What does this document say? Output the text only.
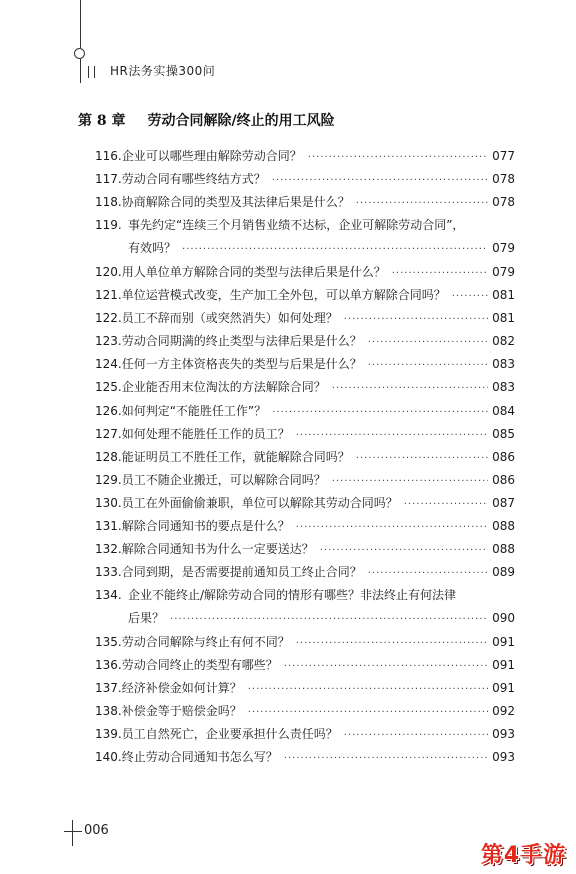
HR法务实操300问
第 8 章 劳动合同解除/终止的用工风险
116. 企业可以哪些理由解除劳动合同？ ·····	077
117. 劳动合同有哪些终结方式？ ·····	078
118. 协商解除合同的类型及其法律后果是什么？ ·····	078
119. 事先约定“连续三个月销售业绩不达标，企业可解除劳动合同”，
有效吗？ ·····	079
120. 用人单位单方解除合同的类型与法律后果是什么？ ·····	079
121. 单位运营模式改变，生产加工全外包，可以单方解除合同吗？ ·····	081
122. 员工不辞而别（或突然消失）如何处理？ ·····	081
123. 劳动合同期满的终止类型与法律后果是什么？ ·····	082
124. 任何一方主体资格丧失的类型与后果是什么？ ·····	083
125. 企业能否用末位淘汰的方法解除合同？ ·····	083
126. 如何判定“不能胜任工作”？ ·····	084
127. 如何处理不能胜任工作的员工？ ·····	085
128. 能证明员工不胜任工作，就能解除合同吗？ ·····	086
129. 员工不随企业搬迁，可以解除合同吗？ ·····	086
130. 员工在外面偷偷兼职，单位可以解除其劳动合同吗？ ·····	087
131. 解除合同通知书的要点是什么？ ·····	088
132. 解除合同通知书为什么一定要送达？ ·····	088
133. 合同到期，是否需要提前通知员工终止合同？ ·····	089
134. 企业不能终止/解除劳动合同的情形有哪些？非法终止有何法律
后果？ ·····	090
135. 劳动合同解除与终止有何不同？ ·····	091
136. 劳动合同终止的类型有哪些？ ·····	091
137. 经济补偿金如何计算？ ·····	091
138. 补偿金等于赔偿金吗？ ·····	092
139. 员工自然死亡，企业要承担什么责任吗？ ·····	093
140. 终止劳动合同通知书怎么写？ ·····	093
006
第4手游
